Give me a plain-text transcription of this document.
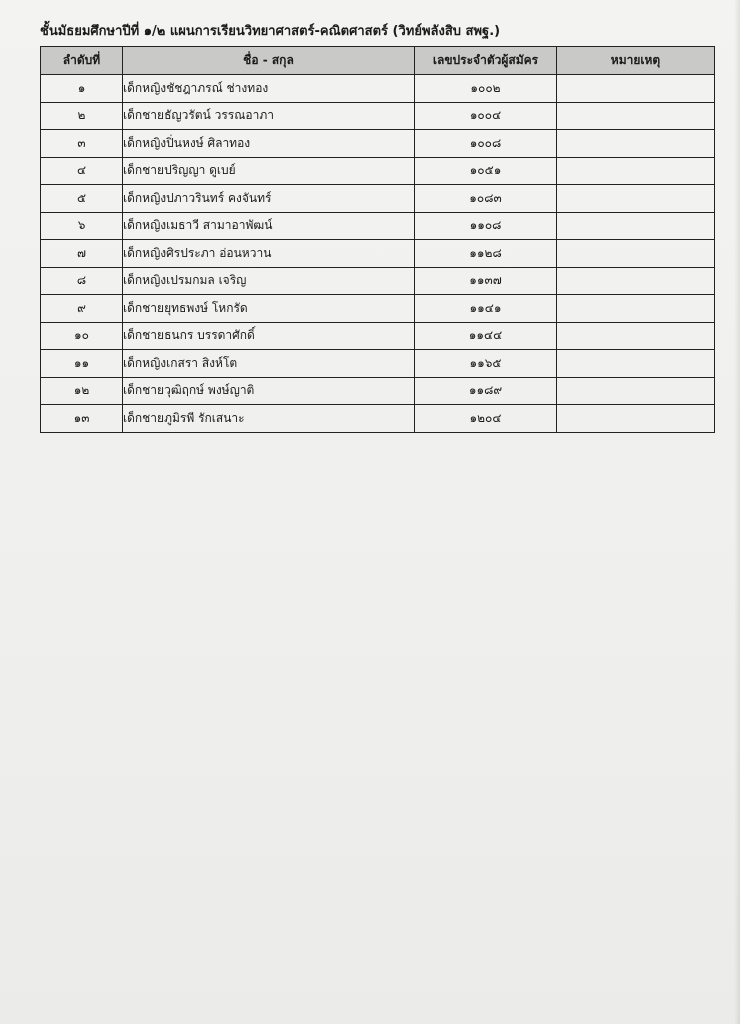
ชั้นมัธยมศึกษาปีที่ ๑/๒ แผนการเรียนวิทยาศาสตร์-คณิตศาสตร์ (วิทย์พลังสิบ สพฐ.)
ลำดับที่	ชื่อ - สกุล	เลขประจำตัวผู้สมัคร	หมายเหตุ
๑	เด็กหญิงชัชฎาภรณ์ ช่างทอง	๑๐๐๒	
๒	เด็กชายธัญวรัตน์ วรรณอาภา	๑๐๐๔	
๓	เด็กหญิงปิ่นหงษ์ ศิลาทอง	๑๐๐๘	
๔	เด็กชายปริญญา ดูเบย์	๑๐๕๑	
๕	เด็กหญิงปภาวรินทร์ คงจันทร์	๑๐๘๓	
๖	เด็กหญิงเมธาวี สามาอาพัฒน์	๑๑๐๘	
๗	เด็กหญิงศิรประภา อ่อนหวาน	๑๑๒๘	
๘	เด็กหญิงเปรมกมล เจริญ	๑๑๓๗	
๙	เด็กชายยุทธพงษ์ โหกรัด	๑๑๔๑	
๑๐	เด็กชายธนกร บรรดาศักดิ์	๑๑๔๔	
๑๑	เด็กหญิงเกสรา สิงห์โต	๑๑๖๕	
๑๒	เด็กชายวุฒิฤกษ์ พงษ์ญาติ	๑๑๘๙	
๑๓	เด็กชายภูมิรพี รักเสนาะ	๑๒๐๔	
